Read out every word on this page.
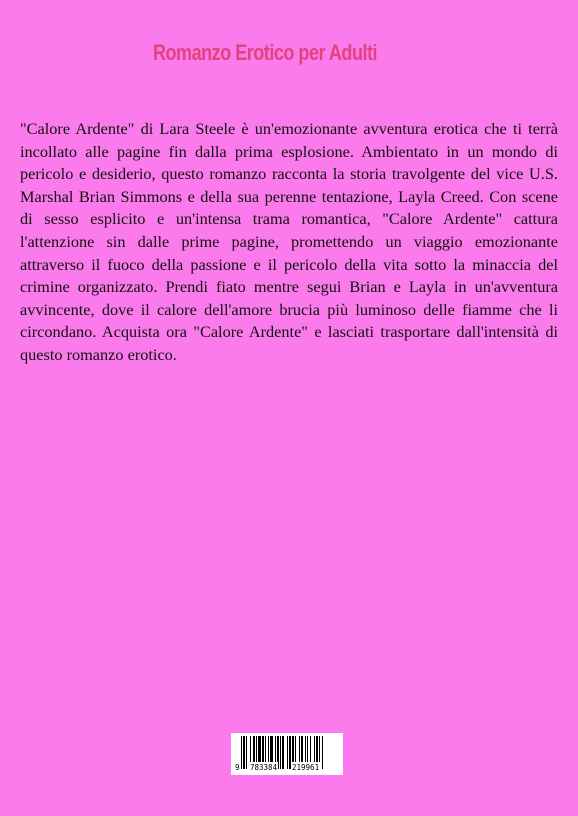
Romanzo Erotico per Adulti

"Calore Ardente" di Lara Steele è un'emozionante avventura erotica che ti terrà incollato alle pagine fin dalla prima esplosione. Ambientato in un mondo di pericolo e desiderio, questo romanzo racconta la storia travolgente del vice U.S. Marshal Brian Simmons e della sua perenne tentazione, Layla Creed. Con scene di sesso esplicito e un'intensa trama romantica, "Calore Ardente" cattura l'attenzione sin dalle prime pagine, promettendo un viaggio emozionante attraverso il fuoco della passione e il pericolo della vita sotto la minaccia del crimine organizzato. Prendi fiato mentre segui Brian e Layla in un'avventura avvincente, dove il calore dell'amore brucia più luminoso delle fiamme che li circondano. Acquista ora "Calore Ardente" e lasciati trasportare dall'intensità di questo romanzo erotico.

9 783384 219961
